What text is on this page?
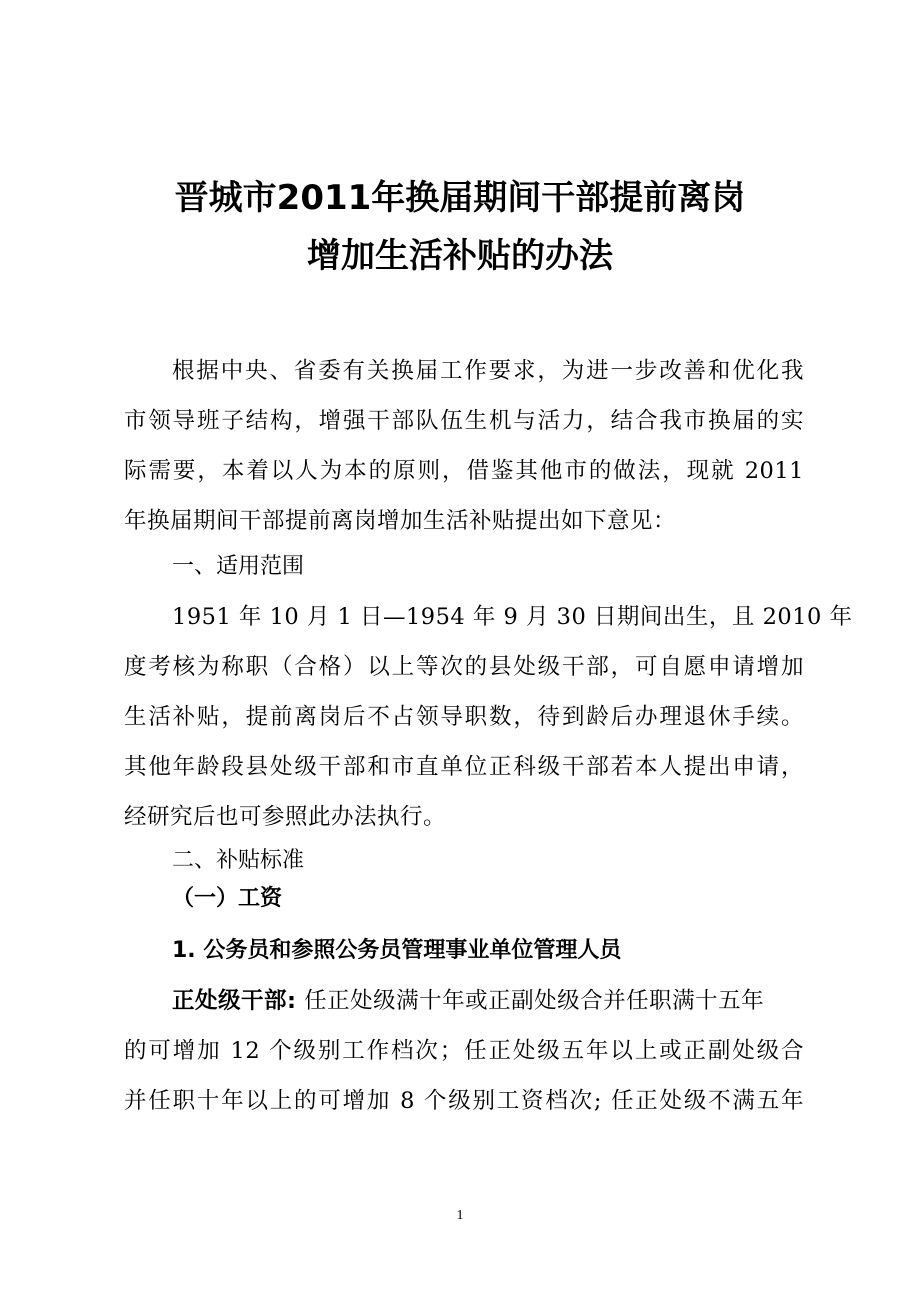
晋城市2011年换届期间干部提前离岗
增加生活补贴的办法
根据中央、省委有关换届工作要求，为进一步改善和优化我
市领导班子结构，增强干部队伍生机与活力，结合我市换届的实
际需要，本着以人为本的原则，借鉴其他市的做法，现就 2011
年换届期间干部提前离岗增加生活补贴提出如下意见：
一、适用范围
1951 年 10 月 1 日—1954 年 9 月 30 日期间出生，且 2010 年
度考核为称职（合格）以上等次的县处级干部，可自愿申请增加
生活补贴，提前离岗后不占领导职数，待到龄后办理退休手续。
其他年龄段县处级干部和市直单位正科级干部若本人提出申请，
经研究后也可参照此办法执行。
二、补贴标准
（一）工资
1. 公务员和参照公务员管理事业单位管理人员
正处级干部: 任正处级满十年或正副处级合并任职满十五年
的可增加 12 个级别工作档次；任正处级五年以上或正副处级合
并任职十年以上的可增加 8 个级别工资档次; 任正处级不满五年
1
